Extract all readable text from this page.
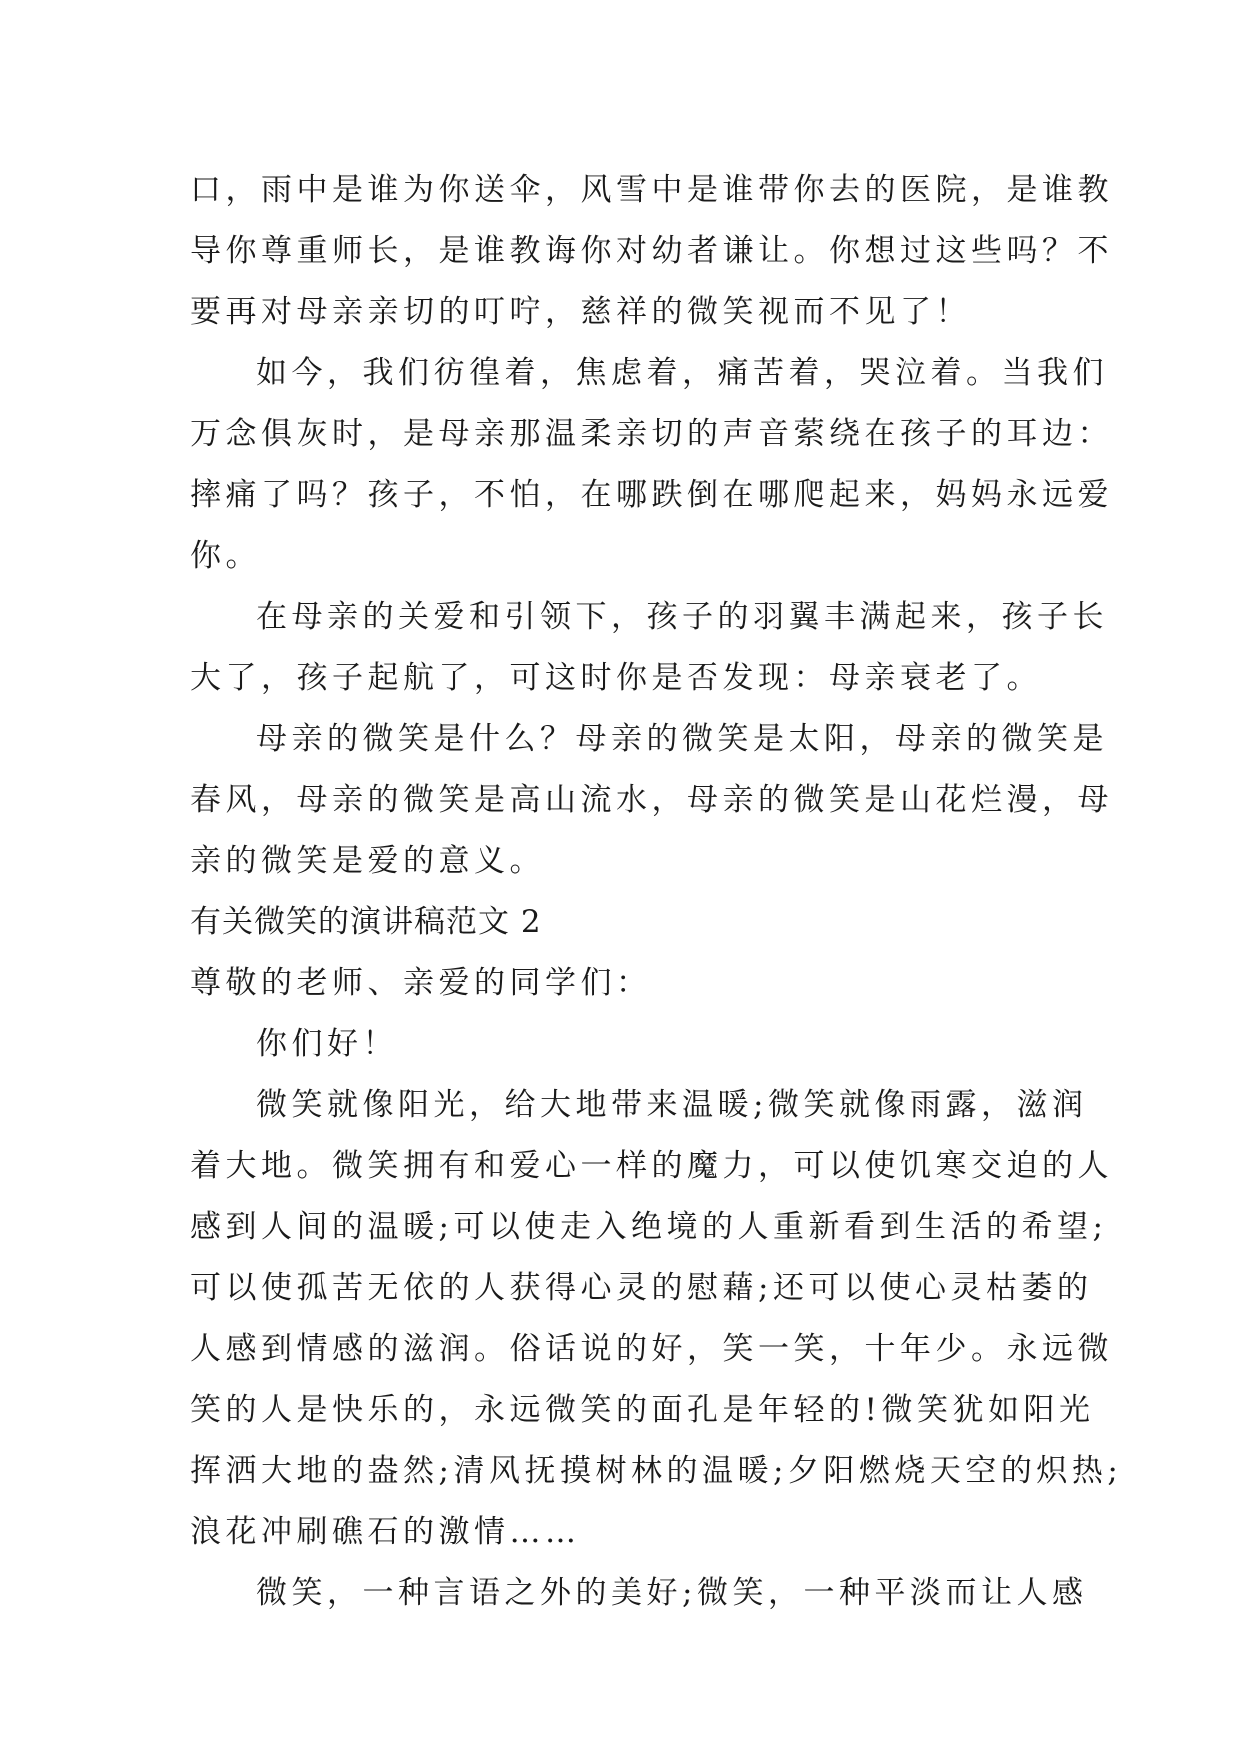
口，雨中是谁为你送伞，风雪中是谁带你去的医院，是谁教
导你尊重师长，是谁教诲你对幼者谦让。你想过这些吗？不
要再对母亲亲切的叮咛，慈祥的微笑视而不见了！
如今，我们彷徨着，焦虑着，痛苦着，哭泣着。当我们
万念俱灰时，是母亲那温柔亲切的声音萦绕在孩子的耳边：
摔痛了吗？孩子，不怕，在哪跌倒在哪爬起来，妈妈永远爱
你。
在母亲的关爱和引领下，孩子的羽翼丰满起来，孩子长
大了，孩子起航了，可这时你是否发现：母亲衰老了。
母亲的微笑是什么？母亲的微笑是太阳，母亲的微笑是
春风，母亲的微笑是高山流水，母亲的微笑是山花烂漫，母
亲的微笑是爱的意义。
有关微笑的演讲稿范文 2
尊敬的老师、亲爱的同学们：
你们好！
微笑就像阳光，给大地带来温暖;微笑就像雨露，滋润
着大地。微笑拥有和爱心一样的魔力，可以使饥寒交迫的人
感到人间的温暖;可以使走入绝境的人重新看到生活的希望;
可以使孤苦无依的人获得心灵的慰藉;还可以使心灵枯萎的
人感到情感的滋润。俗话说的好，笑一笑，十年少。永远微
笑的人是快乐的，永远微笑的面孔是年轻的!微笑犹如阳光
挥洒大地的盎然;清风抚摸树林的温暖;夕阳燃烧天空的炽热;
浪花冲刷礁石的激情……
微笑，一种言语之外的美好;微笑，一种平淡而让人感
